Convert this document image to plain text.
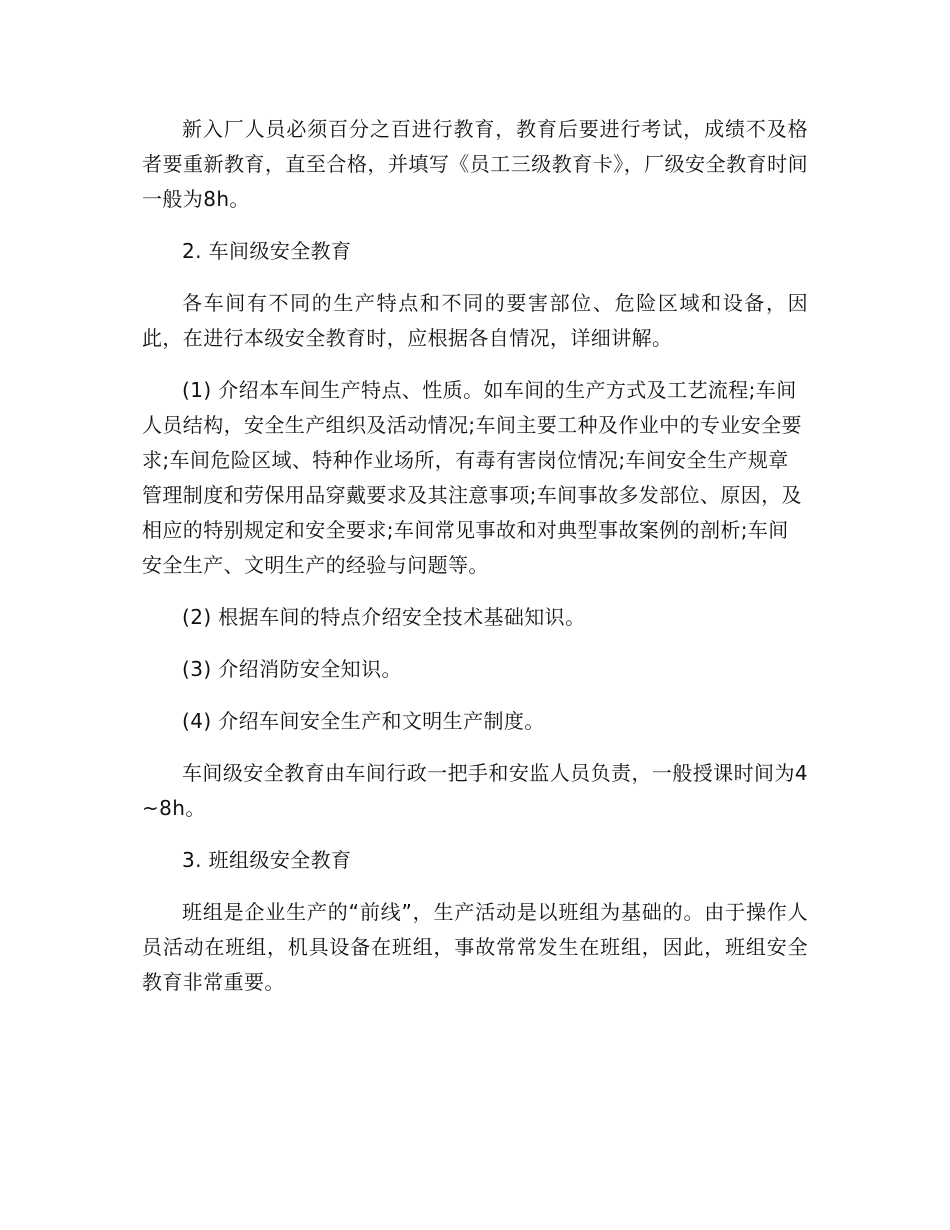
新入厂人员必须百分之百进行教育，教育后要进行考试，成绩不及格者要重新教育，直至合格，并填写《员工三级教育卡》，厂级安全教育时间一般为8h。

2. 车间级安全教育

各车间有不同的生产特点和不同的要害部位、危险区域和设备，因此，在进行本级安全教育时，应根据各自情况，详细讲解。

(1) 介绍本车间生产特点、性质。如车间的生产方式及工艺流程;车间人员结构，安全生产组织及活动情况;车间主要工种及作业中的专业安全要求;车间危险区域、特种作业场所，有毒有害岗位情况;车间安全生产规章管理制度和劳保用品穿戴要求及其注意事项;车间事故多发部位、原因，及相应的特别规定和安全要求;车间常见事故和对典型事故案例的剖析;车间安全生产、文明生产的经验与问题等。

(2) 根据车间的特点介绍安全技术基础知识。

(3) 介绍消防安全知识。

(4) 介绍车间安全生产和文明生产制度。

车间级安全教育由车间行政一把手和安监人员负责，一般授课时间为4~8h。

3. 班组级安全教育

班组是企业生产的“前线”，生产活动是以班组为基础的。由于操作人员活动在班组，机具设备在班组，事故常常发生在班组，因此，班组安全教育非常重要。
